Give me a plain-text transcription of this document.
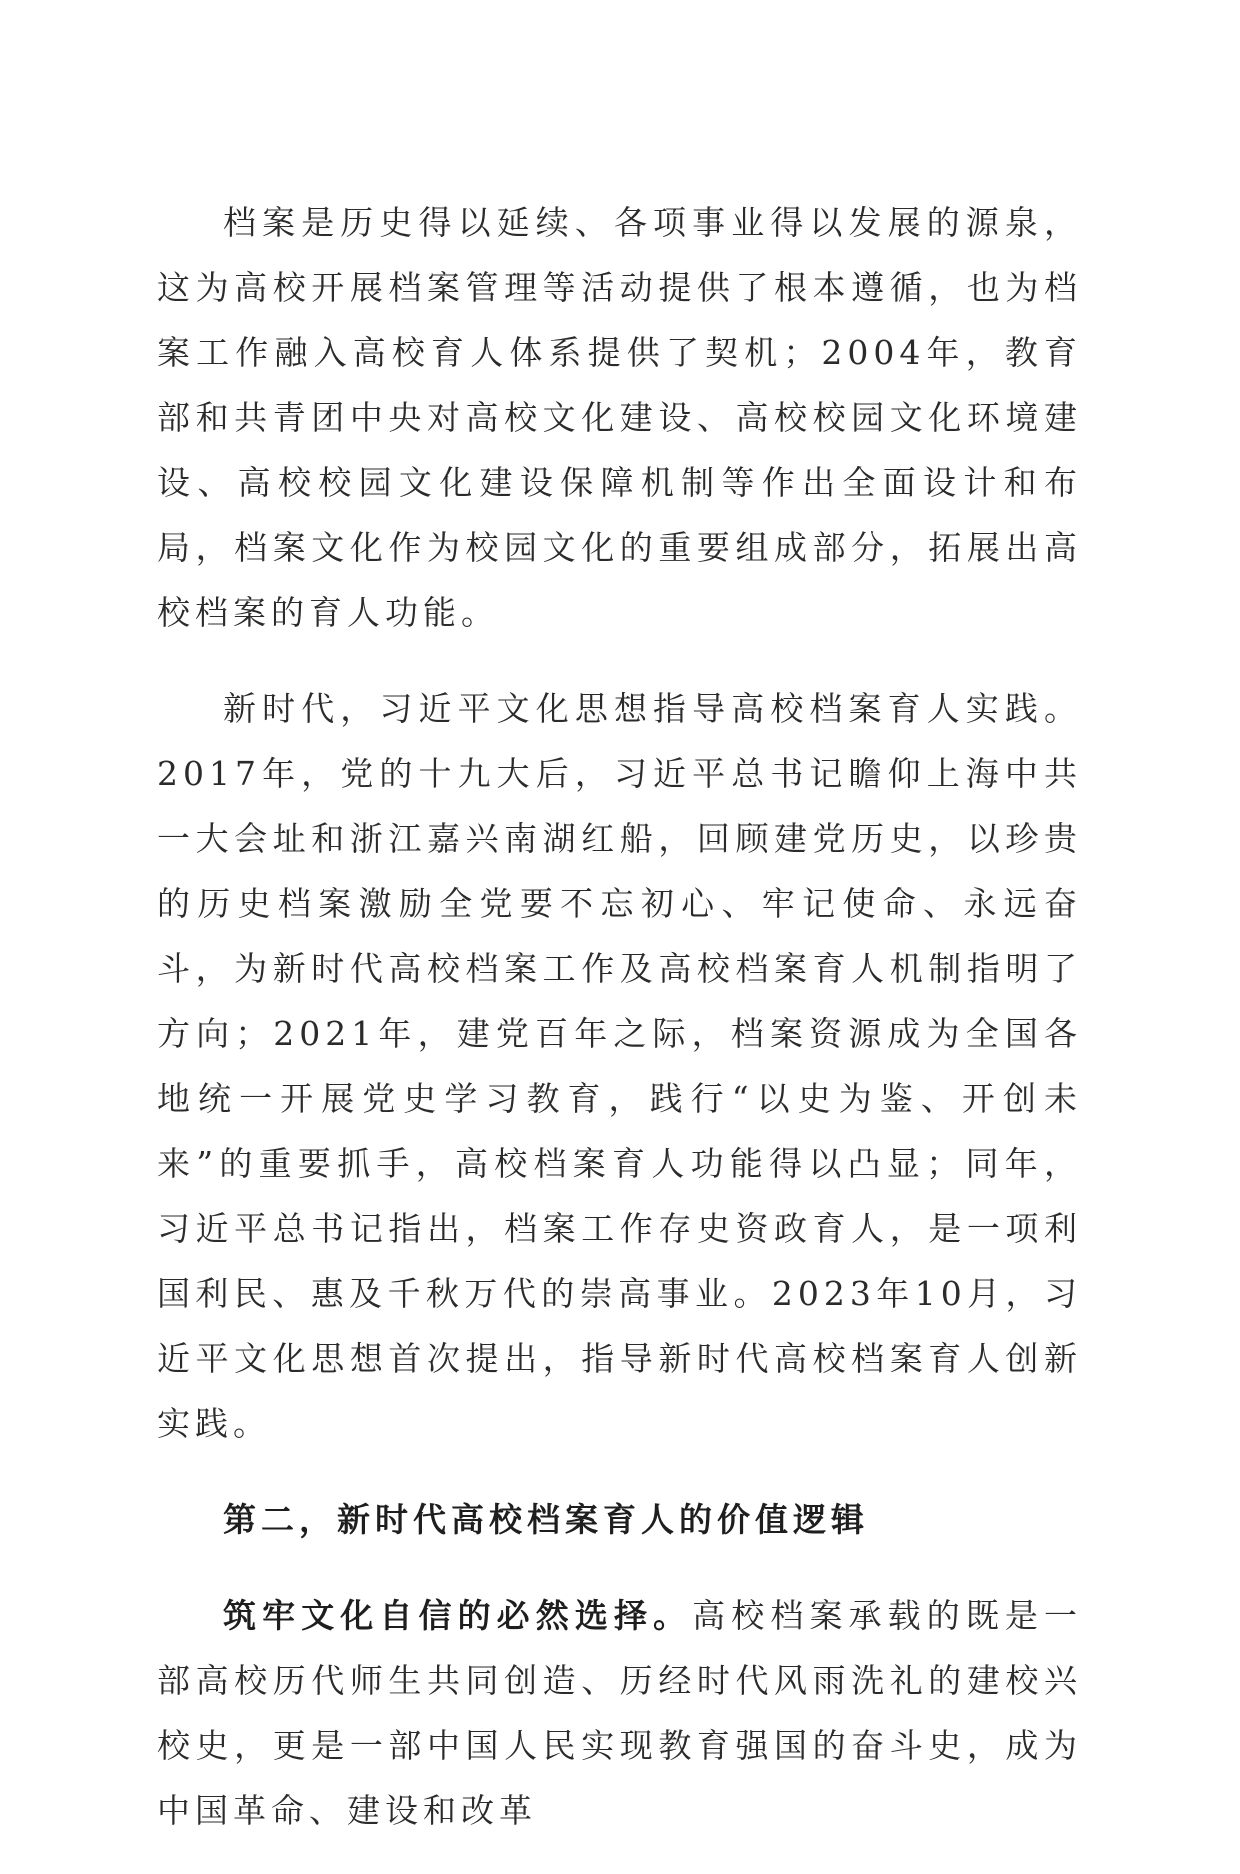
档案是历史得以延续、各项事业得以发展的源泉，这为高校开展档案管理等活动提供了根本遵循，也为档案工作融入高校育人体系提供了契机；2004年，教育部和共青团中央对高校文化建设、高校校园文化环境建设、高校校园文化建设保障机制等作出全面设计和布局，档案文化作为校园文化的重要组成部分，拓展出高校档案的育人功能。

新时代，习近平文化思想指导高校档案育人实践。2017年，党的十九大后，习近平总书记瞻仰上海中共一大会址和浙江嘉兴南湖红船，回顾建党历史，以珍贵的历史档案激励全党要不忘初心、牢记使命、永远奋斗，为新时代高校档案工作及高校档案育人机制指明了方向；2021年，建党百年之际，档案资源成为全国各地统一开展党史学习教育，践行“以史为鉴、开创未来”的重要抓手，高校档案育人功能得以凸显；同年，习近平总书记指出，档案工作存史资政育人，是一项利国利民、惠及千秋万代的崇高事业。2023年10月，习近平文化思想首次提出，指导新时代高校档案育人创新实践。

第二，新时代高校档案育人的价值逻辑

筑牢文化自信的必然选择。高校档案承载的既是一部高校历代师生共同创造、历经时代风雨洗礼的建校兴校史，更是一部中国人民实现教育强国的奋斗史，成为中国革命、建设和改革
